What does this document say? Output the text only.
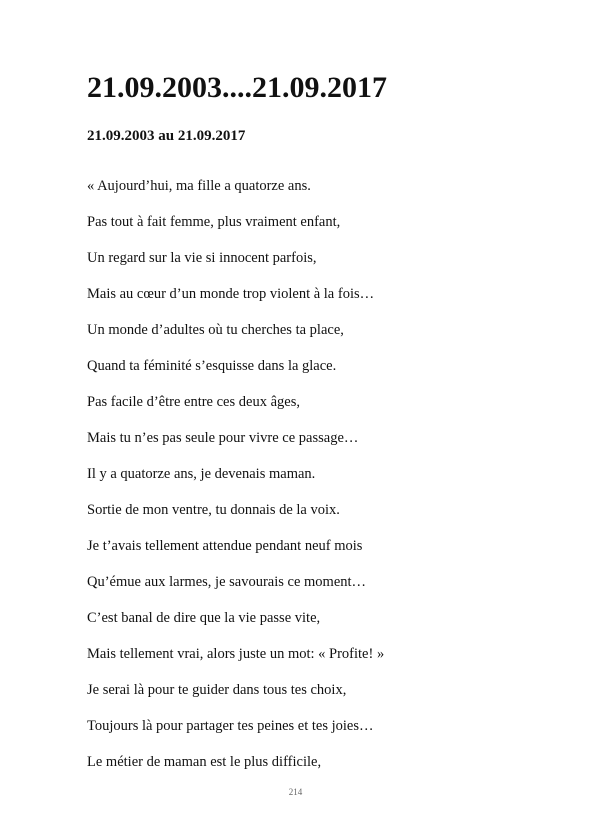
21.09.2003....21.09.2017
21.09.2003 au 21.09.2017
« Aujourd’hui, ma fille a quatorze ans.
Pas tout à fait femme, plus vraiment enfant,
Un regard sur la vie si innocent parfois,
Mais au cœur d’un monde trop violent à la fois…
Un monde d’adultes où tu cherches ta place,
Quand ta féminité s’esquisse dans la glace.
Pas facile d’être entre ces deux âges,
Mais tu n’es pas seule pour vivre ce passage…
Il y a quatorze ans, je devenais maman.
Sortie de mon ventre, tu donnais de la voix.
Je t’avais tellement attendue pendant neuf mois
Qu’émue aux larmes, je savourais ce moment…
C’est banal de dire que la vie passe vite,
Mais tellement vrai, alors juste un mot: « Profite! »
Je serai là pour te guider dans tous tes choix,
Toujours là pour partager tes peines et tes joies…
Le métier de maman est le plus difficile,
214
